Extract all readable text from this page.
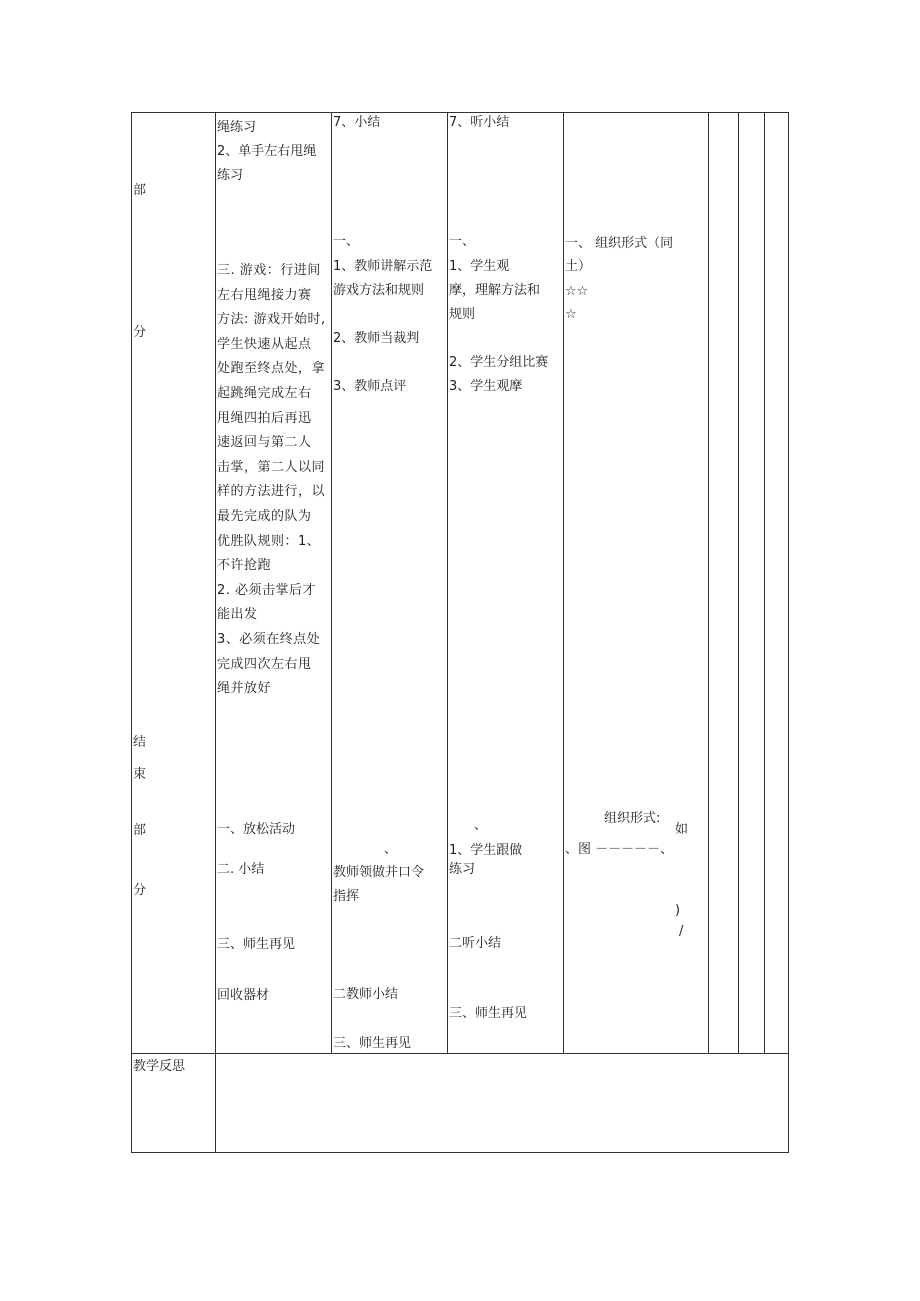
部
分
结
束
部
分
绳练习
2、单手左右甩绳
练习
三. 游戏：行进间
左右甩绳接力赛
方法: 游戏开始时,
学生快速从起点
处跑至终点处，拿
起跳绳完成左右
甩绳四拍后再迅
速返回与第二人
击掌，第二人以同
样的方法进行，以
最先完成的队为
优胜队规则：1、
不许抢跑
2. 必须击掌后才
能出发
3、必须在终点处
完成四次左右甩
绳并放好
一、放松活动
二. 小结
三、师生再见
回收器材
7、小结
一、
1、教师讲解示范
游戏方法和规则
2、教师当裁判
3、教师点评
、
教师领做并口令
指挥
二教师小结
三、师生再见
7、听小结
一、
1、学生观
摩，理解方法和
规则
2、学生分组比赛
3、学生观摩
、
1、学生跟做
练习
二听小结
三、师生再见
一、 组织形式（同
土）
☆☆
☆
组织形式:
如
、图 －－－－－、
)
/
教学反思
